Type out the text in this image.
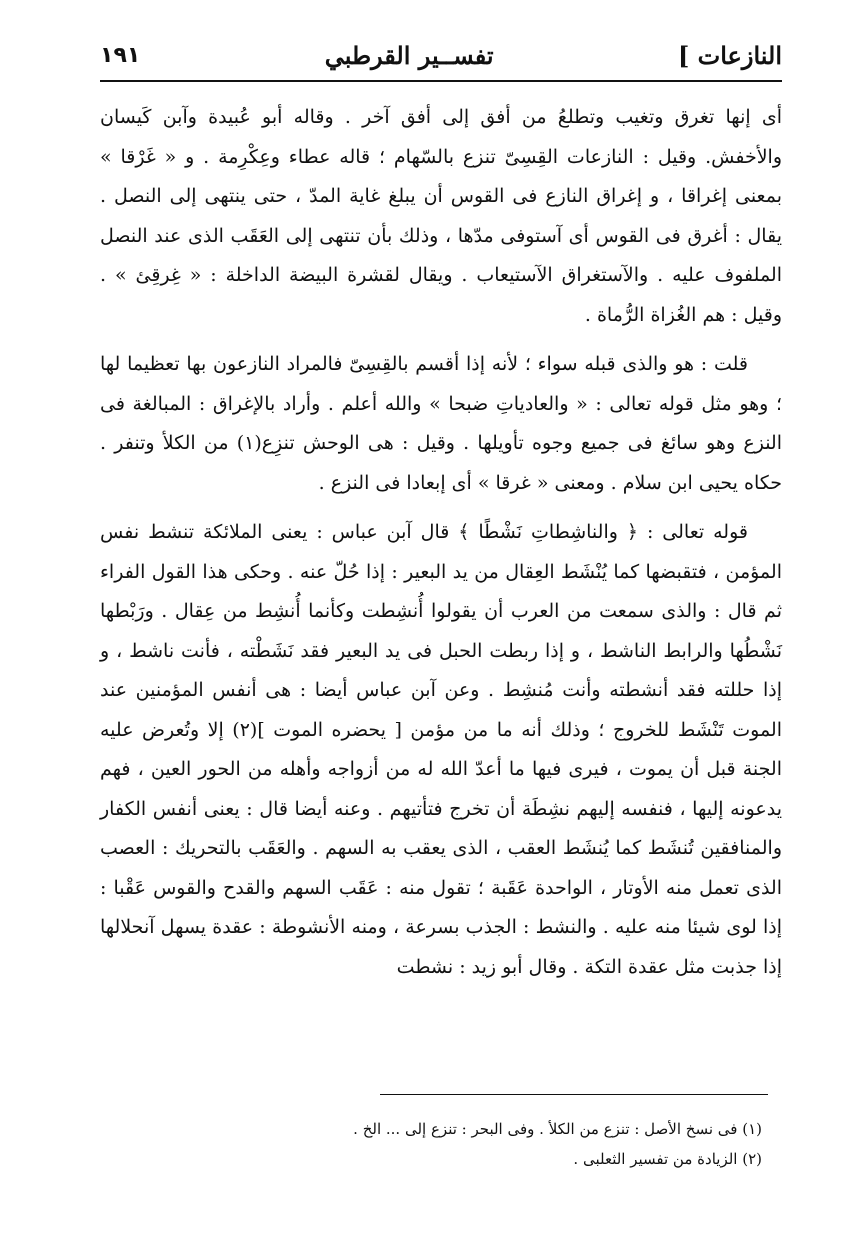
النازعات ]
تفســير القرطبي
١٩١

أى إنها تغرق وتغيب وتطلعُ من أفق إلى أفق آخر . وقاله أبو عُبيدة وآبن كَيسان والأخفش. وقيل : النازعات القِسِىّ تنزع بالسّهام ؛ قاله عطاء وعِكْرِمة . و « غَرْقا » بمعنى إغراقا ، و إغراق النازع فى القوس أن يبلغ غاية المدّ ، حتى ينتهى إلى النصل . يقال : أغرق فى القوس أى آستوفى مدّها ، وذلك بأن تنتهى إلى العَقَب الذى عند النصل الملفوف عليه . والآستغراق الآستيعاب . ويقال لقشرة البيضة الداخلة : « غِرقِئ » . وقيل : هم الغُزاة الرُّماة .

قلت : هو والذى قبله سواء ؛ لأنه إذا أقسم بالقِسِىّ فالمراد النازعون بها تعظيما لها ؛ وهو مثل قوله تعالى : « والعادياتِ ضبحا » والله أعلم . وأراد بالإغراق : المبالغة فى النزع وهو سائغ فى جميع وجوه تأويلها . وقيل : هى الوحش تنزِع(١) من الكلأ وتنفر . حكاه يحيى ابن سلام . ومعنى « غرقا » أى إبعادا فى النزع .

قوله تعالى : ﴿ والناشِطاتِ نَشْطًا ﴾ قال آبن عباس : يعنى الملائكة تنشط نفس المؤمن ، فتقبضها كما يُنْشَط العِقال من يد البعير : إذا حُلّ عنه . وحكى هذا القول الفراء ثم قال : والذى سمعت من العرب أن يقولوا أُنشِطت وكأنما أُنشِط من عِقال . ورَبْطها نَشْطُها والرابط الناشط ، و إذا ربطت الحبل فى يد البعير فقد نَشَطْته ، فأنت ناشط ، و إذا حللته فقد أنشطته وأنت مُنشِط . وعن آبن عباس أيضا : هى أنفس المؤمنين عند الموت تَنْشَط للخروج ؛ وذلك أنه ما من مؤمن [ يحضره الموت ](٢) إلا وتُعرض عليه الجنة قبل أن يموت ، فيرى فيها ما أعدّ الله له من أزواجه وأهله من الحور العين ، فهم يدعونه إليها ، فنفسه إليهم نشِطَة أن تخرج فتأتيهم . وعنه أيضا قال : يعنى أنفس الكفار والمنافقين تُنشَط كما يُنشَط العقب ، الذى يعقب به السهم . والعَقَب بالتحريك : العصب الذى تعمل منه الأوتار ، الواحدة عَقَبة ؛ تقول منه : عَقَب السهم والقدح والقوس عَقْبا : إذا لوى شيئا منه عليه . والنشط : الجذب بسرعة ، ومنه الأنشوطة : عقدة يسهل آنحلالها إذا جذبت مثل عقدة التكة . وقال أبو زيد : نشطت

(١) فى نسخ الأصل : تنزع من الكلأ . وفى البحر : تنزع إلى ... الخ .
(٢) الزيادة من تفسير الثعلبى .
